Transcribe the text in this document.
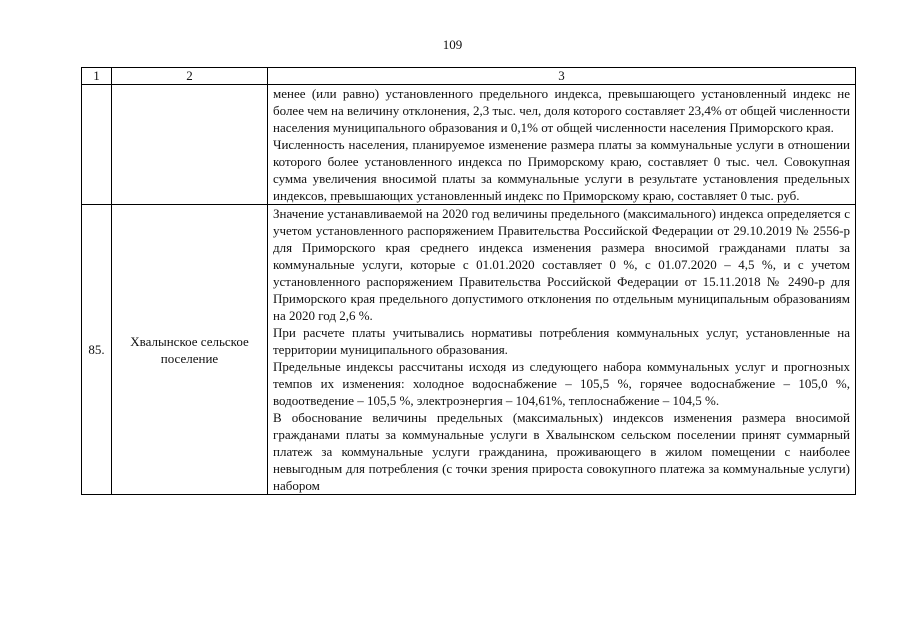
109
1	2	3

		менее (или равно) установленного предельного индекса, превышающего установленный индекс не более чем на величину отклонения, 2,3 тыс. чел, доля которого составляет 23,4% от общей численности населения муниципального образования и 0,1% от общей численности населения Приморского края.

Численность населения, планируемое изменение размера платы за коммунальные услуги в отношении которого более установленного индекса по Приморскому краю, составляет 0 тыс. чел. Совокупная сумма увеличения вносимой платы за коммунальные услуги в результате установления предельных индексов, превышающих установленный индекс по Приморскому краю, составляет 0 тыс. руб.

85.	Хвалынское сельское поселение	Значение устанавливаемой на 2020 год величины предельного (максимального) индекса определяется с учетом установленного распоряжением Правительства Российской Федерации от 29.10.2019 № 2556-р для Приморского края среднего индекса изменения размера вносимой гражданами платы за коммунальные услуги, которые с 01.01.2020 составляет 0 %, с 01.07.2020 – 4,5 %, и с учетом установленного распоряжением Правительства Российской Федерации от 15.11.2018 № 2490-р для Приморского края предельного допустимого отклонения по отдельным муниципальным образованиям на 2020 год 2,6 %.

При расчете платы учитывались нормативы потребления коммунальных услуг, установленные на территории муниципального образования.

Предельные индексы рассчитаны исходя из следующего набора коммунальных услуг и прогнозных темпов их изменения: холодное водоснабжение – 105,5 %, горячее водоснабжение – 105,0 %, водоотведение – 105,5 %, электроэнергия – 104,61%, теплоснабжение – 104,5 %.

В обоснование величины предельных (максимальных) индексов изменения размера вносимой гражданами платы за коммунальные услуги в Хвалынском сельском поселении принят суммарный платеж за коммунальные услуги гражданина, проживающего в жилом помещении с наиболее невыгодным для потребления (с точки зрения прироста совокупного платежа за коммунальные услуги) набором
